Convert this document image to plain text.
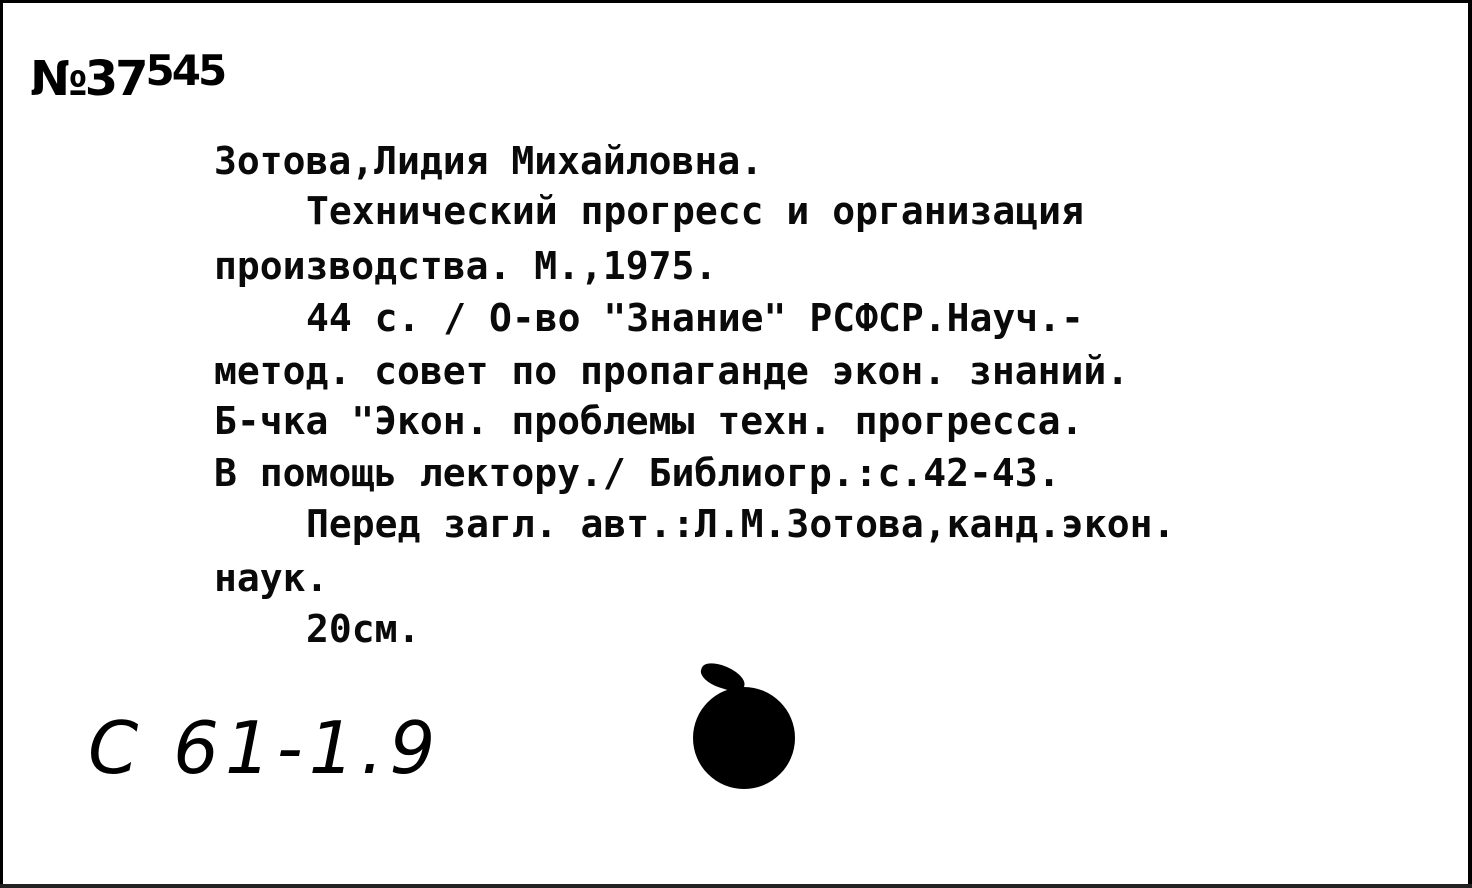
№37545
Зотова,Лидия Михайловна.
Технический прогресс и организация
производства. М.,1975.
44 с. / О-во "Знание" РСФСР.Науч.-
метод. совет по пропаганде экон. знаний.
Б-чка "Экон. проблемы техн. прогресса.
В помощь лектору./ Библиогр.:с.42-43.
Перед загл. авт.:Л.М.Зотова,канд.экон.
наук.
20см.
С 61-1.9
